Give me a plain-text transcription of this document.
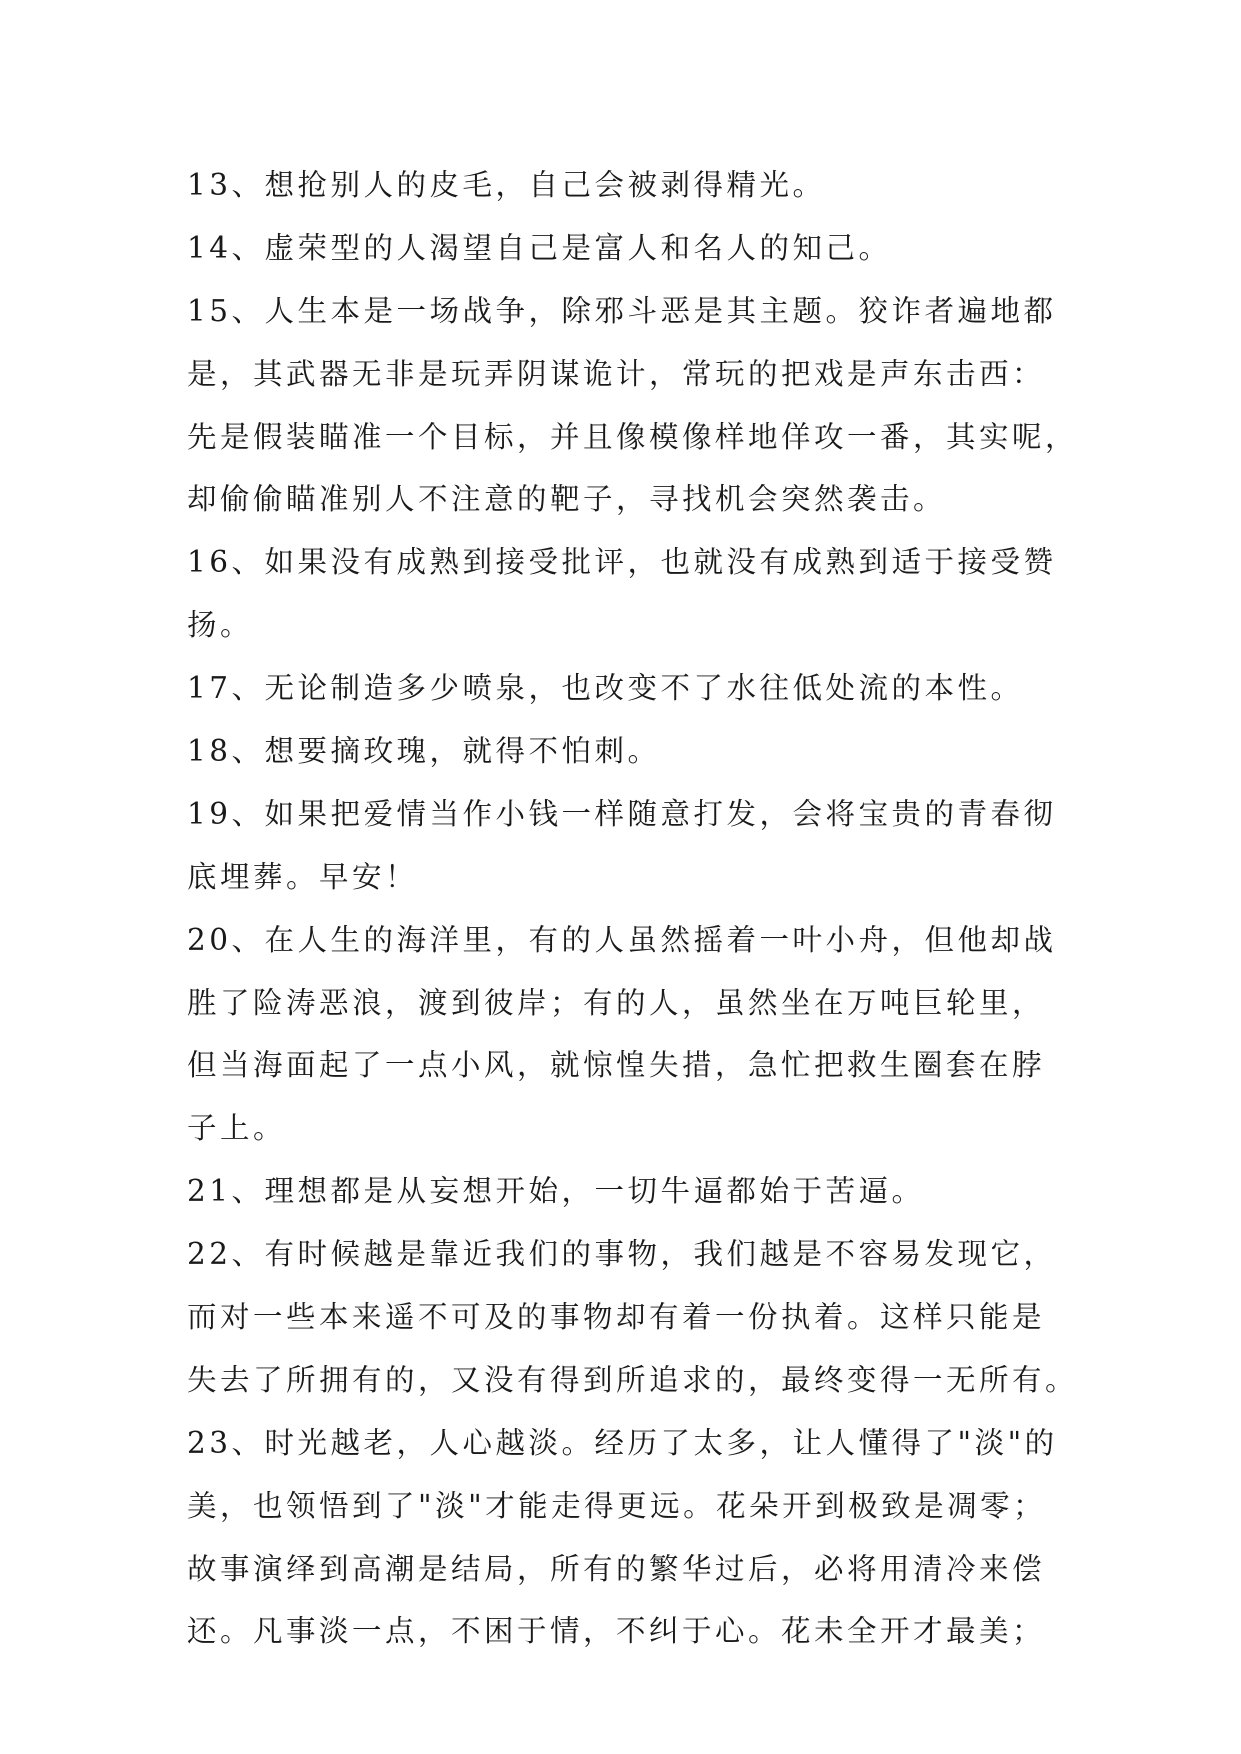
13、想抢别人的皮毛，自己会被剥得精光。
14、虚荣型的人渴望自己是富人和名人的知己。
15、人生本是一场战争，除邪斗恶是其主题。狡诈者遍地都
是，其武器无非是玩弄阴谋诡计，常玩的把戏是声东击西：
先是假装瞄准一个目标，并且像模像样地佯攻一番，其实呢，
却偷偷瞄准别人不注意的靶子，寻找机会突然袭击。
16、如果没有成熟到接受批评，也就没有成熟到适于接受赞
扬。
17、无论制造多少喷泉，也改变不了水往低处流的本性。
18、想要摘玫瑰，就得不怕刺。
19、如果把爱情当作小钱一样随意打发，会将宝贵的青春彻
底埋葬。早安！
20、在人生的海洋里，有的人虽然摇着一叶小舟，但他却战
胜了险涛恶浪，渡到彼岸；有的人，虽然坐在万吨巨轮里，
但当海面起了一点小风，就惊惶失措，急忙把救生圈套在脖
子上。
21、理想都是从妄想开始，一切牛逼都始于苦逼。
22、有时候越是靠近我们的事物，我们越是不容易发现它，
而对一些本来遥不可及的事物却有着一份执着。这样只能是
失去了所拥有的，又没有得到所追求的，最终变得一无所有。
23、时光越老，人心越淡。经历了太多，让人懂得了"淡"的
美，也领悟到了"淡"才能走得更远。花朵开到极致是凋零；
故事演绎到高潮是结局，所有的繁华过后，必将用清冷来偿
还。凡事淡一点，不困于情，不纠于心。花未全开才最美；
